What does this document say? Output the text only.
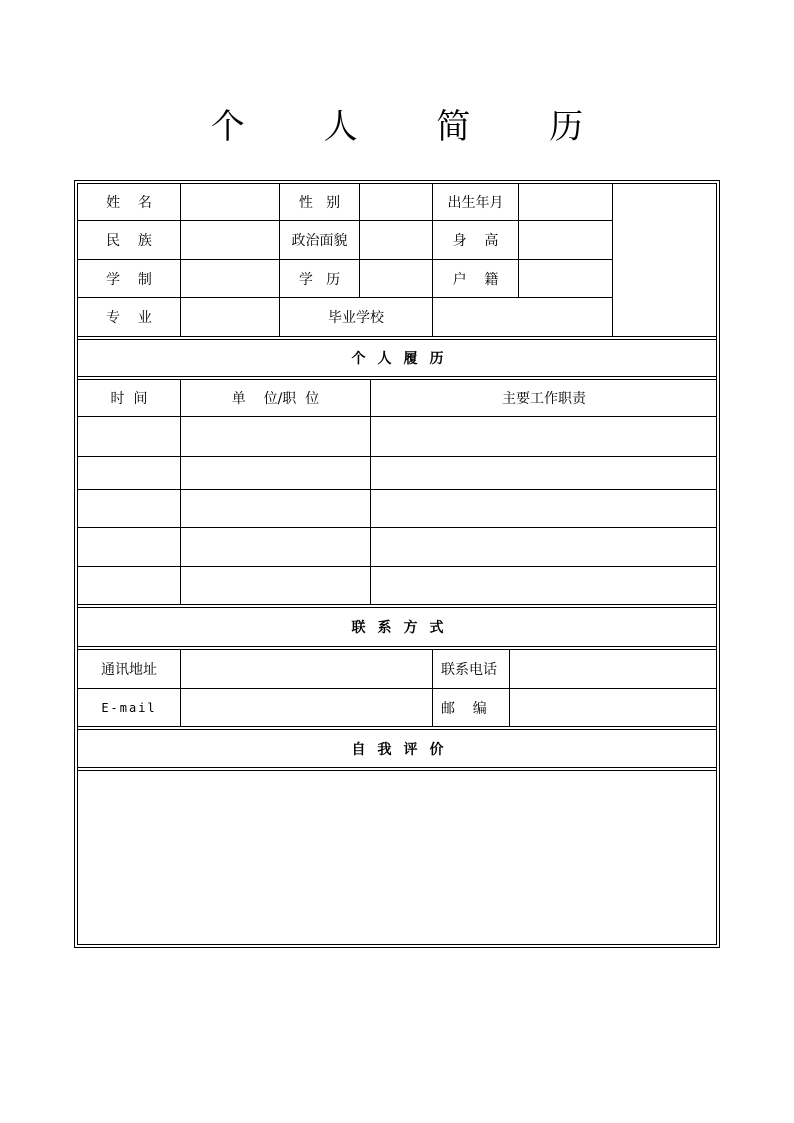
个 人 简 历
姓    名	性   别	出生年月
民    族	政治面貌	身    高
学    制	学   历	户    籍
专    业	毕业学校
个人履历
时  间	单    位/职  位	主要工作职责
联系方式
通讯地址	联系电话
E-mail	邮    编
自我评价
